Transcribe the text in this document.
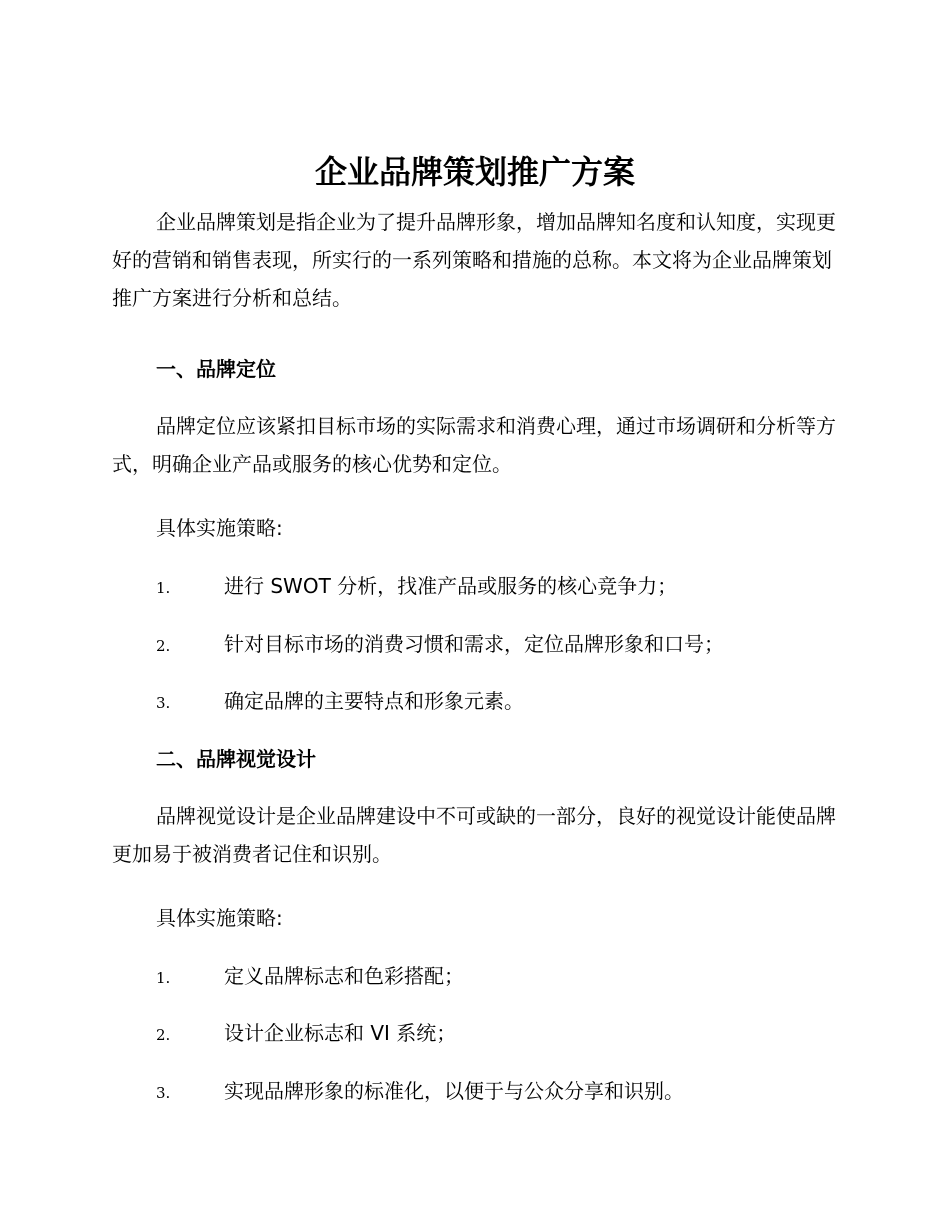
企业品牌策划推广方案

企业品牌策划是指企业为了提升品牌形象，增加品牌知名度和认知度，实现更好的营销和销售表现，所实行的一系列策略和措施的总称。本文将为企业品牌策划推广方案进行分析和总结。

一、品牌定位

品牌定位应该紧扣目标市场的实际需求和消费心理，通过市场调研和分析等方式，明确企业产品或服务的核心优势和定位。

具体实施策略:
1.	进行 SWOT 分析，找准产品或服务的核心竞争力；
2.	针对目标市场的消费习惯和需求，定位品牌形象和口号；
3.	确定品牌的主要特点和形象元素。
二、品牌视觉设计

品牌视觉设计是企业品牌建设中不可或缺的一部分，良好的视觉设计能使品牌更加易于被消费者记住和识别。

具体实施策略:
1.	定义品牌标志和色彩搭配；
2.	设计企业标志和 VI 系统；
3.	实现品牌形象的标准化，以便于与公众分享和识别。
